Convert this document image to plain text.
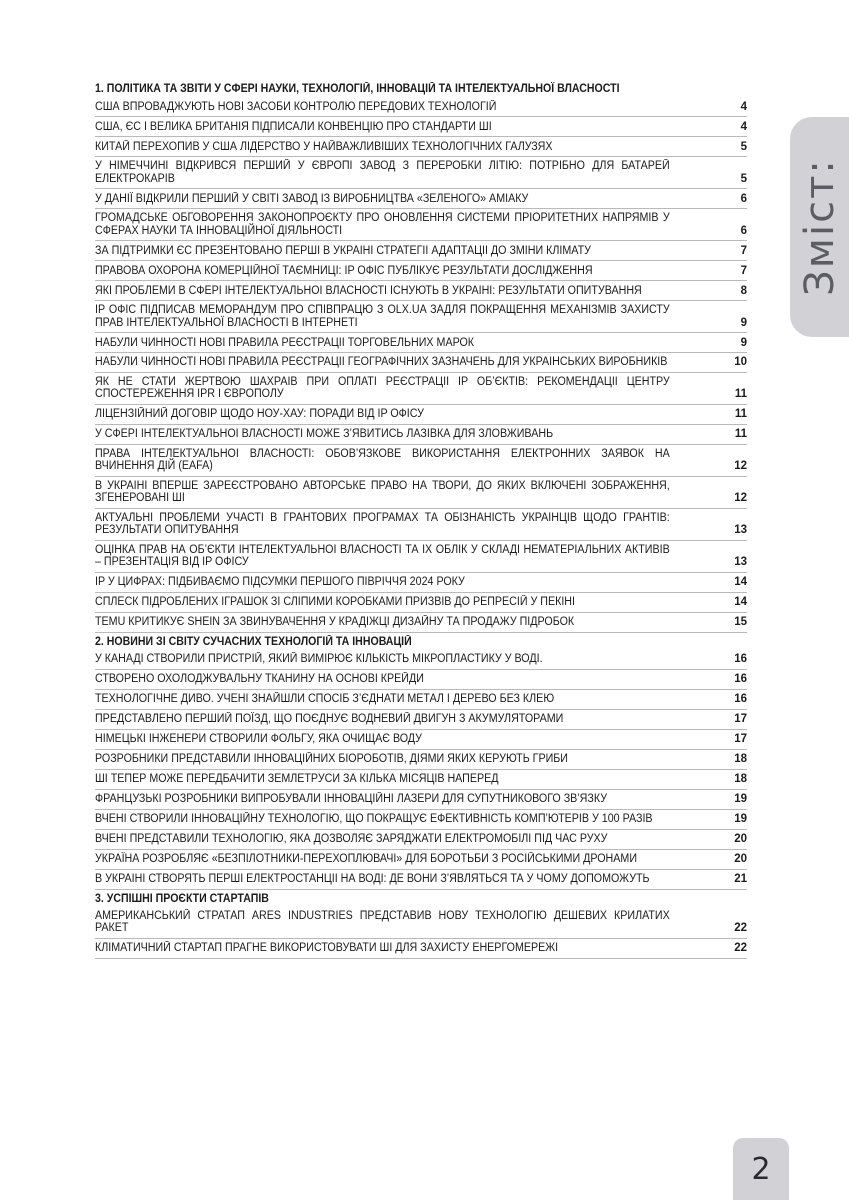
1. ПОЛІТИКА ТА ЗВІТИ У СФЕРІ НАУКИ, ТЕХНОЛОГІЙ, ІННОВАЦІЙ ТА ІНТЕЛЕКТУАЛЬНОЇ ВЛАСНОСТІ
США ВПРОВАДЖУЮТЬ НОВІ ЗАСОБИ КОНТРОЛЮ ПЕРЕДОВИХ ТЕХНОЛОГІЙ	4
США, ЄС І ВЕЛИКА БРИТАНІЯ ПІДПИСАЛИ КОНВЕНЦІЮ ПРО СТАНДАРТИ ШІ	4
КИТАЙ ПЕРЕХОПИВ У США ЛІДЕРСТВО У НАЙВАЖЛИВІШИХ ТЕХНОЛОГІЧНИХ ГАЛУЗЯХ	5
У НІМЕЧЧИНІ ВІДКРИВСЯ ПЕРШИЙ У ЄВРОПІ ЗАВОД З ПЕРЕРОБКИ ЛІТІЮ: ПОТРІБНО ДЛЯ БАТАРЕЙ ЕЛЕКТРОКАРІВ	5
У ДАНІЇ ВІДКРИЛИ ПЕРШИЙ У СВІТІ ЗАВОД ІЗ ВИРОБНИЦТВА «ЗЕЛЕНОГО» АМІАКУ	6
ГРОМАДСЬКЕ ОБГОВОРЕННЯ ЗАКОНОПРОЄКТУ ПРО ОНОВЛЕННЯ СИСТЕМИ ПРІОРИТЕТНИХ НАПРЯМІВ У СФЕРАХ НАУКИ ТА ІННОВАЦІЙНОЇ ДІЯЛЬНОСТІ	6
ЗА ПІДТРИМКИ ЄС ПРЕЗЕНТОВАНО ПЕРШІ В УКРАЇНІ СТРАТЕГІЇ АДАПТАЦІЇ ДО ЗМІНИ КЛІМАТУ	7
ПРАВОВА ОХОРОНА КОМЕРЦІЙНОЇ ТАЄМНИЦІ: IP ОФІС ПУБЛІКУЄ РЕЗУЛЬТАТИ ДОСЛІДЖЕННЯ	7
ЯКІ ПРОБЛЕМИ В СФЕРІ ІНТЕЛЕКТУАЛЬНОЇ ВЛАСНОСТІ ІСНУЮТЬ В УКРАЇНІ: РЕЗУЛЬТАТИ ОПИТУВАННЯ	8
IP ОФІС ПІДПИСАВ МЕМОРАНДУМ ПРО СПІВПРАЦЮ З OLX.UA ЗАДЛЯ ПОКРАЩЕННЯ МЕХАНІЗМІВ ЗАХИСТУ ПРАВ ІНТЕЛЕКТУАЛЬНОЇ ВЛАСНОСТІ В ІНТЕРНЕТІ	9
НАБУЛИ ЧИННОСТІ НОВІ ПРАВИЛА РЕЄСТРАЦІЇ ТОРГОВЕЛЬНИХ МАРОК	9
НАБУЛИ ЧИННОСТІ НОВІ ПРАВИЛА РЕЄСТРАЦІЇ ГЕОГРАФІЧНИХ ЗАЗНАЧЕНЬ ДЛЯ УКРАЇНСЬКИХ ВИРОБНИКІВ	10
ЯК НЕ СТАТИ ЖЕРТВОЮ ШАХРАЇВ ПРИ ОПЛАТІ РЕЄСТРАЦІЇ IP ОБ’ЄКТІВ: РЕКОМЕНДАЦІЇ ЦЕНТРУ СПОСТЕРЕЖЕННЯ IPR І ЄВРОПОЛУ	11
ЛІЦЕНЗІЙНИЙ ДОГОВІР ЩОДО НОУ-ХАУ: ПОРАДИ ВІД IP ОФІСУ	11
У СФЕРІ ІНТЕЛЕКТУАЛЬНОЇ ВЛАСНОСТІ МОЖЕ З’ЯВИТИСЬ ЛАЗІВКА ДЛЯ ЗЛОВЖИВАНЬ	11
ПРАВА ІНТЕЛЕКТУАЛЬНОЇ ВЛАСНОСТІ: ОБОВ’ЯЗКОВЕ ВИКОРИСТАННЯ ЕЛЕКТРОННИХ ЗАЯВОК НА ВЧИНЕННЯ ДІЙ (EAFA)	12
В УКРАЇНІ ВПЕРШЕ ЗАРЕЄСТРОВАНО АВТОРСЬКЕ ПРАВО НА ТВОРИ, ДО ЯКИХ ВКЛЮЧЕНІ ЗОБРАЖЕННЯ, ЗГЕНЕРОВАНІ ШІ	12
АКТУАЛЬНІ ПРОБЛЕМИ УЧАСТІ В ГРАНТОВИХ ПРОГРАМАХ ТА ОБІЗНАНІСТЬ УКРАЇНЦІВ ЩОДО ГРАНТІВ: РЕЗУЛЬТАТИ ОПИТУВАННЯ	13
ОЦІНКА ПРАВ НА ОБ’ЄКТИ ІНТЕЛЕКТУАЛЬНОЇ ВЛАСНОСТІ ТА ЇХ ОБЛІК У СКЛАДІ НЕМАТЕРІАЛЬНИХ АКТИВІВ – ПРЕЗЕНТАЦІЯ ВІД IP ОФІСУ	13
IP У ЦИФРАХ: ПІДБИВАЄМО ПІДСУМКИ ПЕРШОГО ПІВРІЧЧЯ 2024 РОКУ	14
СПЛЕСК ПІДРОБЛЕНИХ ІГРАШОК ЗІ СЛІПИМИ КОРОБКАМИ ПРИЗВІВ ДО РЕПРЕСІЙ У ПЕКІНІ	14
TEMU КРИТИКУЄ SHEIN ЗА ЗВИНУВАЧЕННЯ У КРАДІЖЦІ ДИЗАЙНУ ТА ПРОДАЖУ ПІДРОБОК	15
2. НОВИНИ ЗІ СВІТУ СУЧАСНИХ ТЕХНОЛОГІЙ ТА ІННОВАЦІЙ
У КАНАДІ СТВОРИЛИ ПРИСТРІЙ, ЯКИЙ ВИМІРЮЄ КІЛЬКІСТЬ МІКРОПЛАСТИКУ У ВОДІ.	16
СТВОРЕНО ОХОЛОДЖУВАЛЬНУ ТКАНИНУ НА ОСНОВІ КРЕЙДИ	16
ТЕХНОЛОГІЧНЕ ДИВО. УЧЕНІ ЗНАЙШЛИ СПОСІБ З’ЄДНАТИ МЕТАЛ І ДЕРЕВО БЕЗ КЛЕЮ	16
ПРЕДСТАВЛЕНО ПЕРШИЙ ПОЇЗД, ЩО ПОЄДНУЄ ВОДНЕВИЙ ДВИГУН З АКУМУЛЯТОРАМИ	17
НІМЕЦЬКІ ІНЖЕНЕРИ СТВОРИЛИ ФОЛЬГУ, ЯКА ОЧИЩАЄ ВОДУ	17
РОЗРОБНИКИ ПРЕДСТАВИЛИ ІННОВАЦІЙНИХ БІОРОБОТІВ, ДІЯМИ ЯКИХ КЕРУЮТЬ ГРИБИ	18
ШІ ТЕПЕР МОЖЕ ПЕРЕДБАЧИТИ ЗЕМЛЕТРУСИ ЗА КІЛЬКА МІСЯЦІВ НАПЕРЕД	18
ФРАНЦУЗЬКІ РОЗРОБНИКИ ВИПРОБУВАЛИ ІННОВАЦІЙНІ ЛАЗЕРИ ДЛЯ СУПУТНИКОВОГО ЗВ’ЯЗКУ	19
ВЧЕНІ СТВОРИЛИ ІННОВАЦІЙНУ ТЕХНОЛОГІЮ, ЩО ПОКРАЩУЄ ЕФЕКТИВНІСТЬ КОМП’ЮТЕРІВ У 100 РАЗІВ	19
ВЧЕНІ ПРЕДСТАВИЛИ ТЕХНОЛОГІЮ, ЯКА ДОЗВОЛЯЄ ЗАРЯДЖАТИ ЕЛЕКТРОМОБІЛІ ПІД ЧАС РУХУ	20
УКРАЇНА РОЗРОБЛЯЄ «БЕЗПІЛОТНИКИ-ПЕРЕХОПЛЮВАЧІ» ДЛЯ БОРОТЬБИ З РОСІЙСЬКИМИ ДРОНАМИ	20
В УКРАЇНІ СТВОРЯТЬ ПЕРШІ ЕЛЕКТРОСТАНЦІЇ НА ВОДІ: ДЕ ВОНИ З’ЯВЛЯТЬСЯ ТА У ЧОМУ ДОПОМОЖУТЬ	21
3. УСПІШНІ ПРОЄКТИ СТАРТАПІВ
АМЕРИКАНСЬКИЙ СТРАТАП ARES INDUSTRIES ПРЕДСТАВИВ НОВУ ТЕХНОЛОГІЮ ДЕШЕВИХ КРИЛАТИХ РАКЕТ	22
КЛІМАТИЧНИЙ СТАРТАП ПРАГНЕ ВИКОРИСТОВУВАТИ ШІ ДЛЯ ЗАХИСТУ ЕНЕРГОМЕРЕЖІ	22
Зміст:
2
